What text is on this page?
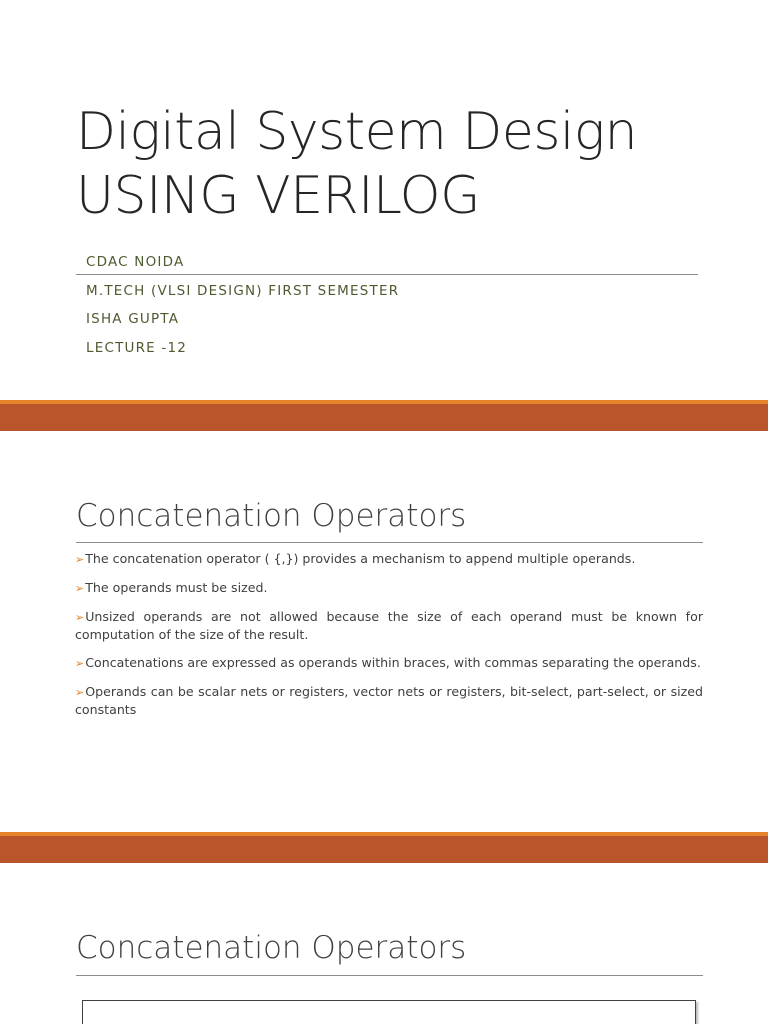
Digital System Design
USING VERILOG
CDAC NOIDA
M.TECH (VLSI DESIGN) FIRST SEMESTER
ISHA GUPTA
LECTURE -12
Concatenation Operators
➢The concatenation operator ( {,}) provides a mechanism to append multiple operands.
➢The operands must be sized.
➢Unsized operands are not allowed because the size of each operand must be known for computation of the size of the result.
➢Concatenations are expressed as operands within braces, with commas separating the operands.
➢Operands can be scalar nets or registers, vector nets or registers, bit-select, part-select, or sized constants
Concatenation Operators
